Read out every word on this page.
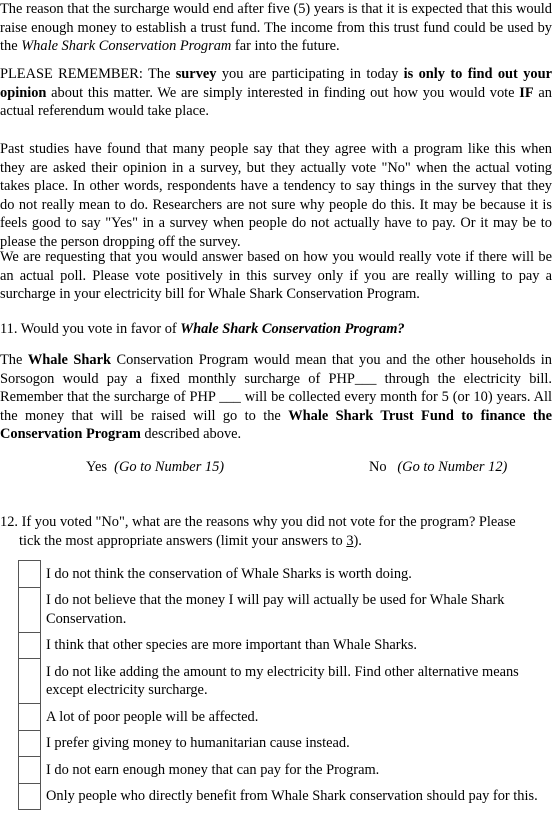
The reason that the surcharge would end after five (5) years is that it is expected that this would raise enough money to establish a trust fund. The income from this trust fund could be used by the Whale Shark Conservation Program far into the future.

PLEASE REMEMBER: The survey you are participating in today is only to find out your opinion about this matter. We are simply interested in finding out how you would vote IF an actual referendum would take place.

Past studies have found that many people say that they agree with a program like this when they are asked their opinion in a survey, but they actually vote "No" when the actual voting takes place. In other words, respondents have a tendency to say things in the survey that they do not really mean to do. Researchers are not sure why people do this. It may be because it is feels good to say "Yes" in a survey when people do not actually have to pay. Or it may be to please the person dropping off the survey.

We are requesting that you would answer based on how you would really vote if there will be an actual poll. Please vote positively in this survey only if you are really willing to pay a surcharge in your electricity bill for Whale Shark Conservation Program.

11. Would you vote in favor of Whale Shark Conservation Program?

The Whale Shark Conservation Program would mean that you and the other households in Sorsogon would pay a fixed monthly surcharge of PHP___ through the electricity bill. Remember that the surcharge of PHP ___ will be collected every month for 5 (or 10) years. All the money that will be raised will go to the Whale Shark Trust Fund to finance the Conservation Program described above.

Yes (Go to Number 15)	No (Go to Number 12)
12. If you voted "No", what are the reasons why you did not vote for the program? Please
tick the most appropriate answers (limit your answers to 3).
	I do not think the conservation of Whale Sharks is worth doing.
	I do not believe that the money I will pay will actually be used for Whale Shark Conservation.
	I think that other species are more important than Whale Sharks.
	I do not like adding the amount to my electricity bill. Find other alternative means except electricity surcharge.
	A lot of poor people will be affected.
	I prefer giving money to humanitarian cause instead.
	I do not earn enough money that can pay for the Program.
	Only people who directly benefit from Whale Shark conservation should pay for this.
